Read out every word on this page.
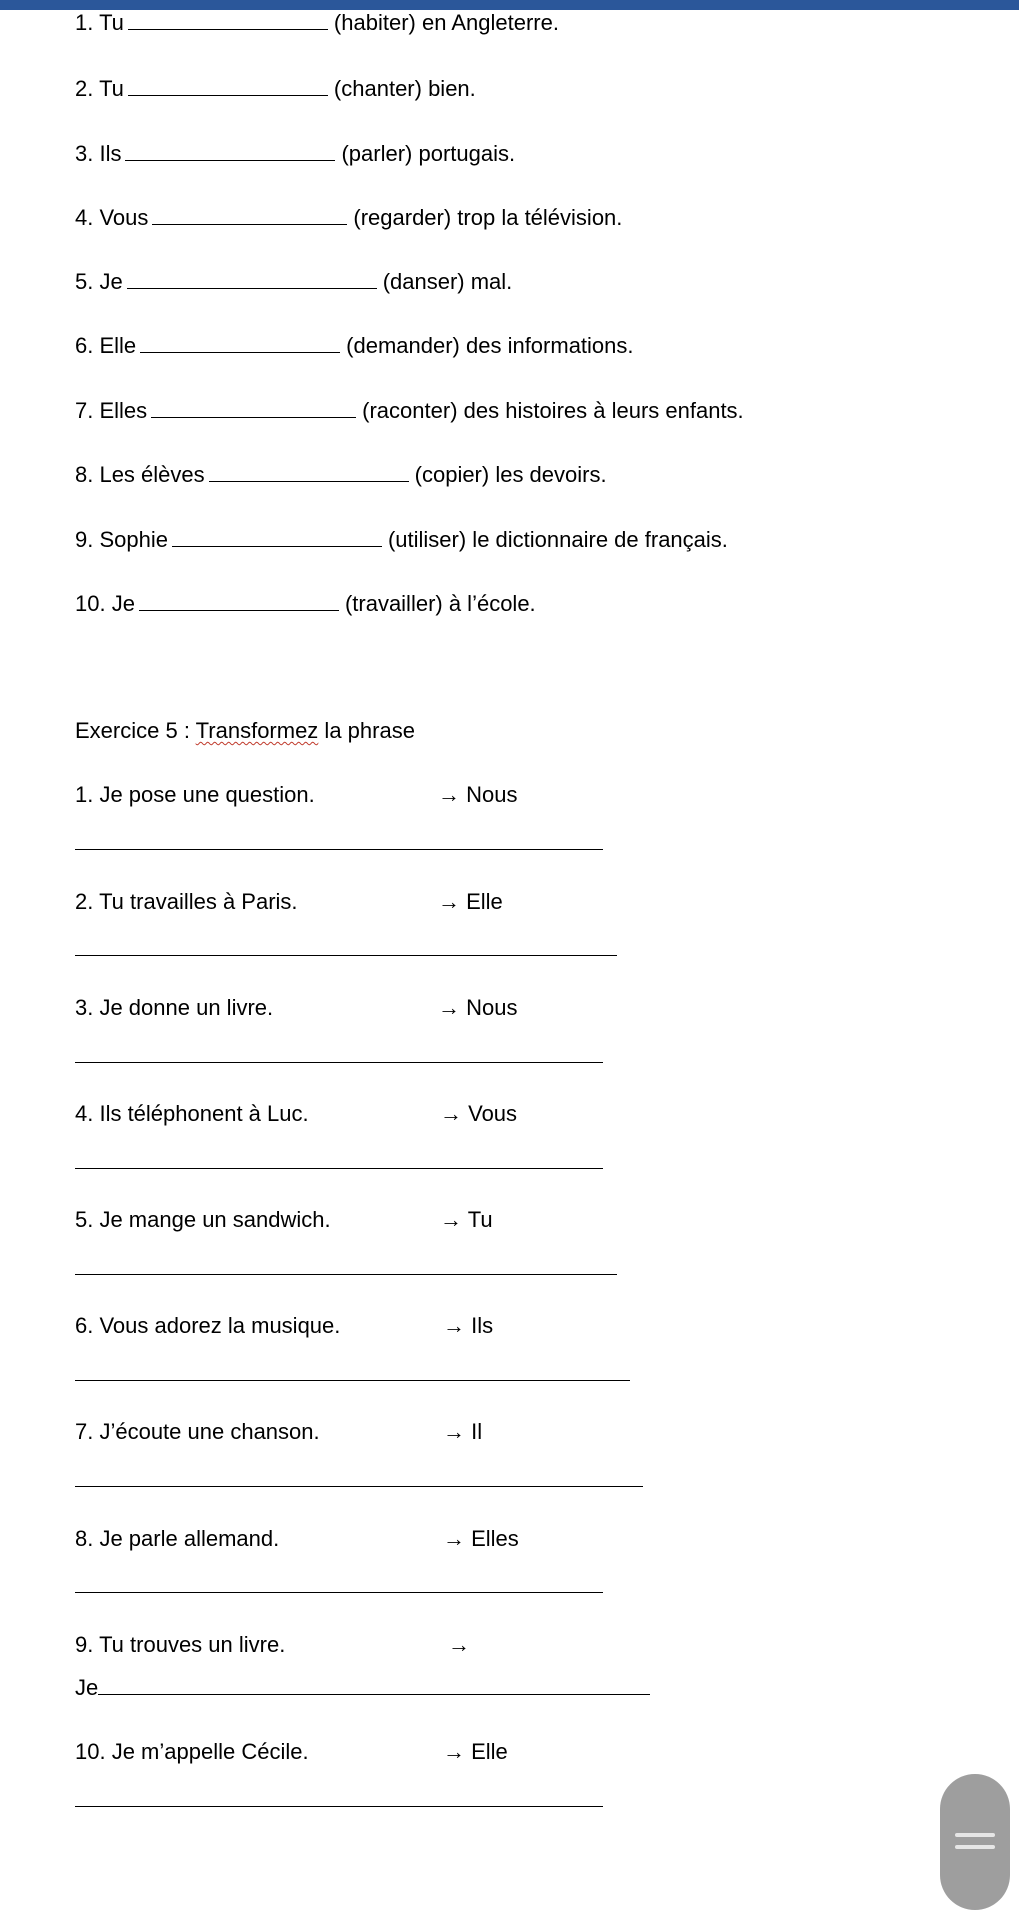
1. Tu	(habiter) en Angleterre.
2. Tu	(chanter) bien.
3. Ils	(parler) portugais.
4. Vous	(regarder) trop la télévision.
5. Je	(danser) mal.
6. Elle	(demander) des informations.
7. Elles	(raconter) des histoires à leurs enfants.
8. Les élèves	(copier) les devoirs.
9. Sophie	(utiliser) le dictionnaire de français.
10. Je	(travailler) à l’école.
Exercice 5 : Transformez la phrase
1. Je pose une question.	→ Nous
2. Tu travailles à Paris.	→ Elle
3. Je donne un livre.	→ Nous
4. Ils téléphonent à Luc.	→ Vous
5. Je mange un sandwich.	→ Tu
6. Vous adorez la musique.	→ Ils
7. J’écoute une chanson.	→ Il
8. Je parle allemand.	→ Elles
9. Tu trouves un livre.	→
Je
10. Je m’appelle Cécile.	→ Elle
